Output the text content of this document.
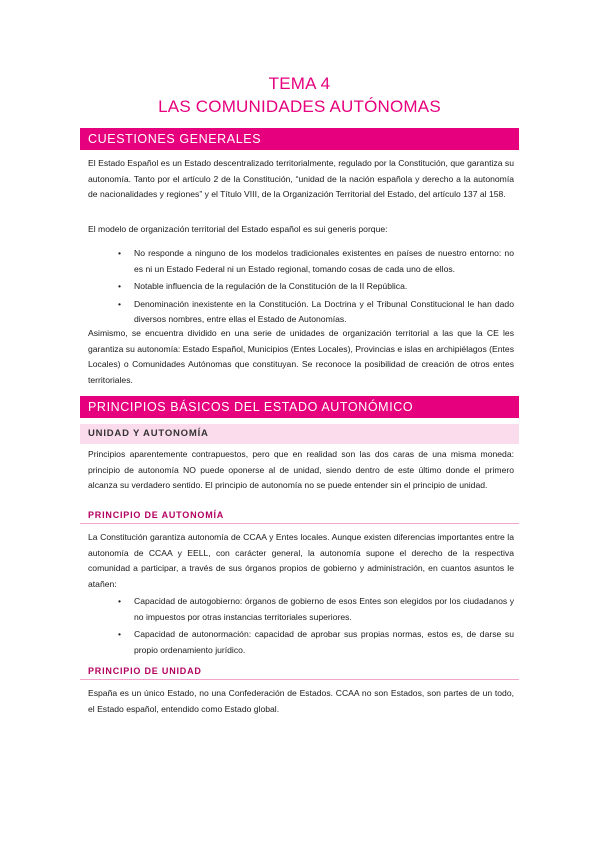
TEMA 4
LAS COMUNIDADES AUTÓNOMAS
CUESTIONES GENERALES

El Estado Español es un Estado descentralizado territorialmente, regulado por la Constitución, que garantiza su autonomía. Tanto por el artículo 2 de la Constitución, “unidad de la nación española y derecho a la autonomía de nacionalidades y regiones” y el Título VIII, de la Organización Territorial del Estado, del artículo 137 al 158.

El modelo de organización territorial del Estado español es sui generis porque:

• No responde a ninguno de los modelos tradicionales existentes en países de nuestro entorno: no es ni un Estado Federal ni un Estado regional, tomando cosas de cada uno de ellos.
• Notable influencia de la regulación de la Constitución de la II República.
• Denominación inexistente en la Constitución. La Doctrina y el Tribunal Constitucional le han dado diversos nombres, entre ellas el Estado de Autonomías.

Asimismo, se encuentra dividido en una serie de unidades de organización territorial a las que la CE les garantiza su autonomía: Estado Español, Municipios (Entes Locales), Provincias e islas en archipiélagos (Entes Locales) o Comunidades Autónomas que constituyan. Se reconoce la posibilidad de creación de otros entes territoriales.

PRINCIPIOS BÁSICOS DEL ESTADO AUTONÓMICO
UNIDAD Y AUTONOMÍA

Principios aparentemente contrapuestos, pero que en realidad son las dos caras de una misma moneda: principio de autonomía NO puede oponerse al de unidad, siendo dentro de este último donde el primero alcanza su verdadero sentido. El principio de autonomía no se puede entender sin el principio de unidad.

PRINCIPIO DE AUTONOMÍA

La Constitución garantiza autonomía de CCAA y Entes locales. Aunque existen diferencias importantes entre la autonomía de CCAA y EELL, con carácter general, la autonomía supone el derecho de la respectiva comunidad a participar, a través de sus órganos propios de gobierno y administración, en cuantos asuntos le atañen:

• Capacidad de autogobierno: órganos de gobierno de esos Entes son elegidos por los ciudadanos y no impuestos por otras instancias territoriales superiores.
• Capacidad de autonormación: capacidad de aprobar sus propias normas, estos es, de darse su propio ordenamiento jurídico.
PRINCIPIO DE UNIDAD

España es un único Estado, no una Confederación de Estados. CCAA no son Estados, son partes de un todo, el Estado español, entendido como Estado global.
